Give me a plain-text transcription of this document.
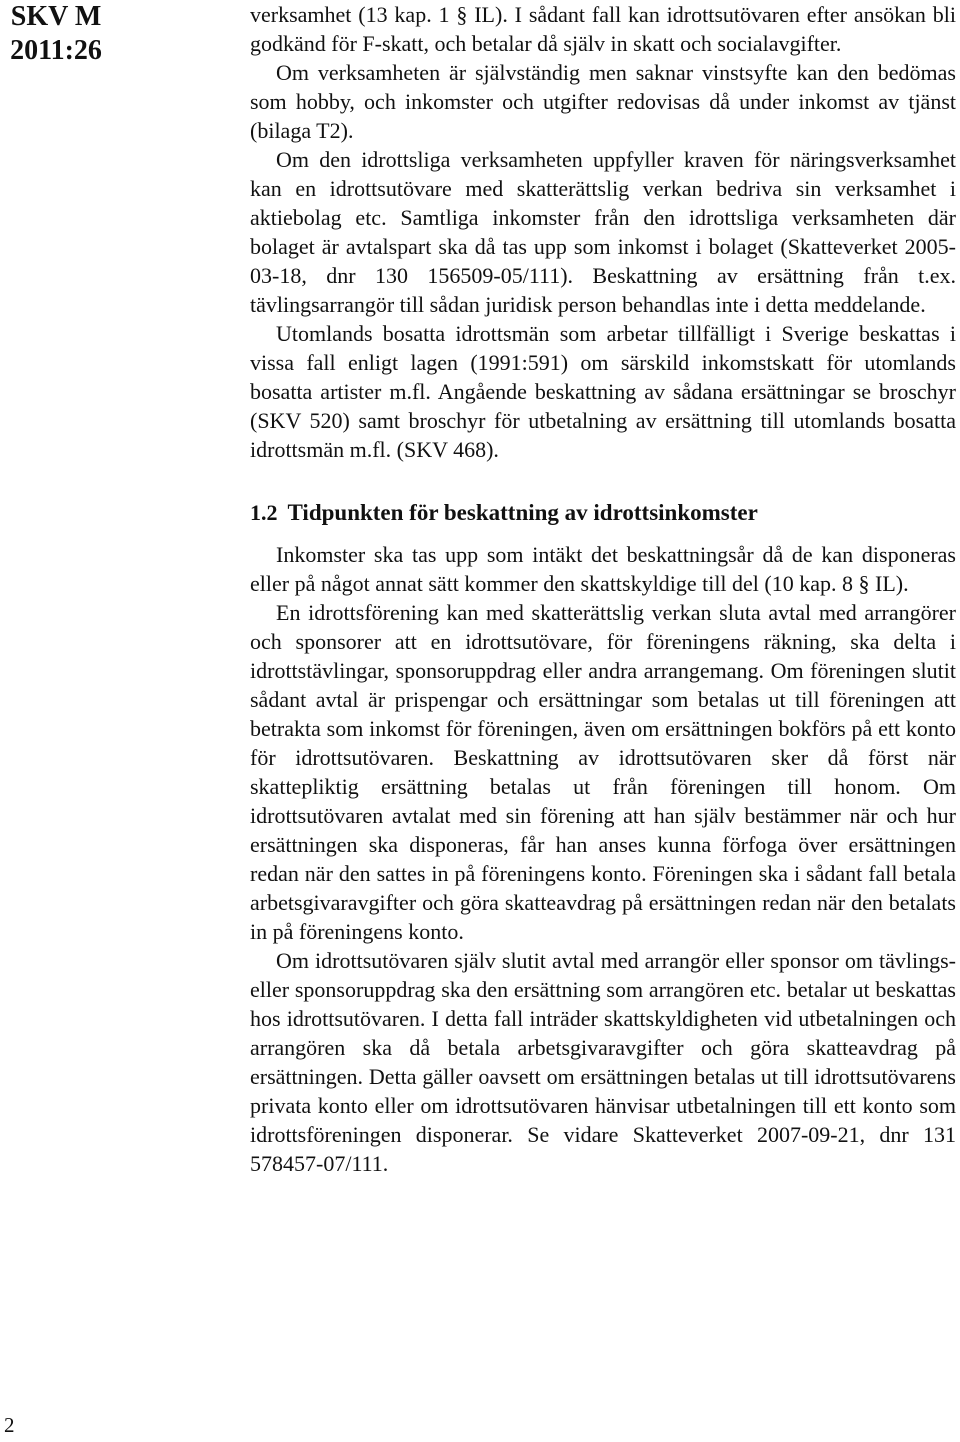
SKV M
2011:26

verksamhet (13 kap. 1 § IL). I sådant fall kan idrottsutövaren efter ansökan bli godkänd för F-skatt, och betalar då själv in skatt och socialavgifter.

Om verksamheten är självständig men saknar vinstsyfte kan den bedömas som hobby, och inkomster och utgifter redovisas då under inkomst av tjänst (bilaga T2).

Om den idrottsliga verksamheten uppfyller kraven för näringsverksamhet kan en idrottsutövare med skatterättslig verkan bedriva sin verksamhet i aktiebolag etc. Samtliga inkomster från den idrottsliga verksamheten där bolaget är avtalspart ska då tas upp som inkomst i bolaget (Skatteverket 2005-03-18, dnr 130 156509-05/111). Beskattning av ersättning från t.ex. tävlingsarrangör till sådan juridisk person behandlas inte i detta meddelande.

Utomlands bosatta idrottsmän som arbetar tillfälligt i Sverige beskattas i vissa fall enligt lagen (1991:591) om särskild inkomstskatt för utomlands bosatta artister m.fl. Angående beskattning av sådana ersättningar se broschyr (SKV 520) samt broschyr för utbetalning av ersättning till utomlands bosatta idrottsmän m.fl. (SKV 468).

1.2 Tidpunkten för beskattning av idrottsinkomster

Inkomster ska tas upp som intäkt det beskattningsår då de kan disponeras eller på något annat sätt kommer den skattskyldige till del (10 kap. 8 § IL).

En idrottsförening kan med skatterättslig verkan sluta avtal med arrangörer och sponsorer att en idrottsutövare, för föreningens räkning, ska delta i idrottstävlingar, sponsoruppdrag eller andra arrangemang. Om föreningen slutit sådant avtal är prispengar och ersättningar som betalas ut till föreningen att betrakta som inkomst för föreningen, även om ersättningen bokförs på ett konto för idrottsutövaren. Beskattning av idrottsutövaren sker då först när skattepliktig ersättning betalas ut från föreningen till honom. Om idrottsutövaren avtalat med sin förening att han själv bestämmer när och hur ersättningen ska disponeras, får han anses kunna förfoga över ersättningen redan när den sattes in på föreningens konto. Föreningen ska i sådant fall betala arbetsgivaravgifter och göra skatteavdrag på ersättningen redan när den betalats in på föreningens konto.

Om idrottsutövaren själv slutit avtal med arrangör eller sponsor om tävlings- eller sponsoruppdrag ska den ersättning som arrangören etc. betalar ut beskattas hos idrottsutövaren. I detta fall inträder skattskyldigheten vid utbetalningen och arrangören ska då betala arbetsgivaravgifter och göra skatteavdrag på ersättningen. Detta gäller oavsett om ersättningen betalas ut till idrottsutövarens privata konto eller om idrottsutövaren hänvisar utbetalningen till ett konto som idrottsföreningen disponerar. Se vidare Skatteverket 2007-09-21, dnr 131 578457-07/111.

2
